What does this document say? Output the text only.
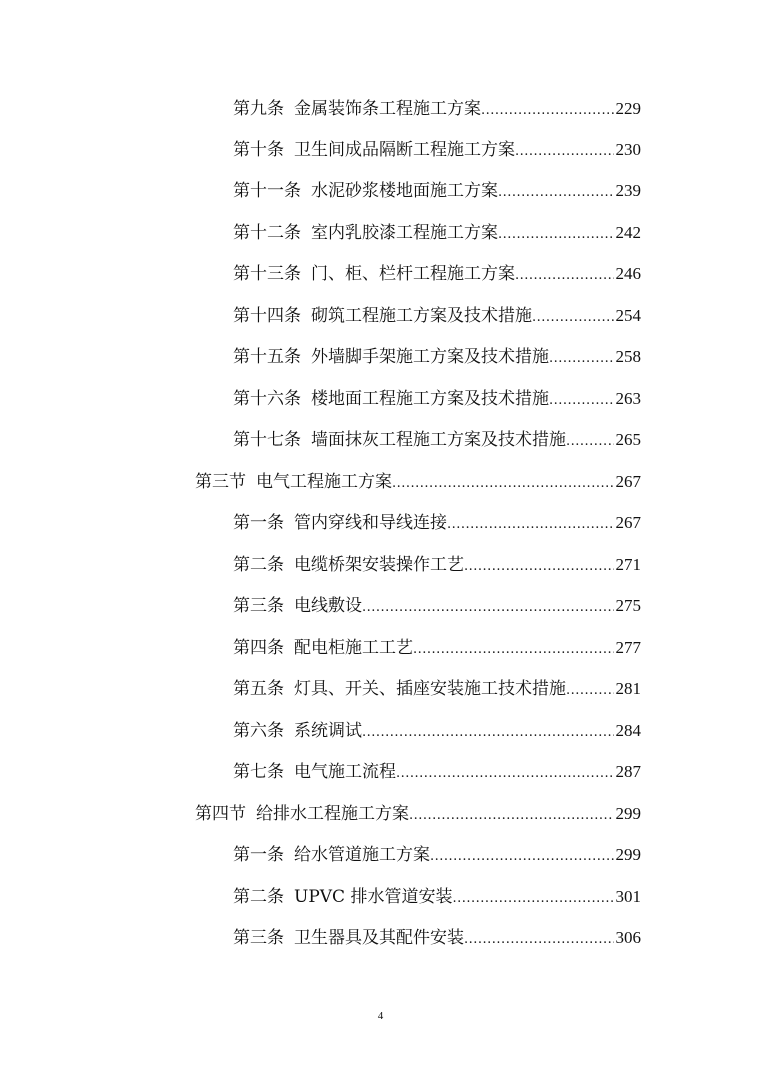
第九条 金属装饰条工程施工方案 .....	229
第十条 卫生间成品隔断工程施工方案 .....	230
第十一条 水泥砂浆楼地面施工方案 .....	239
第十二条 室内乳胶漆工程施工方案 .....	242
第十三条 门、柜、栏杆工程施工方案 .....	246
第十四条 砌筑工程施工方案及技术措施 .....	254
第十五条 外墙脚手架施工方案及技术措施 .....	258
第十六条 楼地面工程施工方案及技术措施 .....	263
第十七条 墙面抹灰工程施工方案及技术措施 .....	265
第三节 电气工程施工方案 .....	267
第一条 管内穿线和导线连接 .....	267
第二条 电缆桥架安装操作工艺 .....	271
第三条 电线敷设 .....	275
第四条 配电柜施工工艺 .....	277
第五条 灯具、开关、插座安装施工技术措施 .....	281
第六条 系统调试 .....	284
第七条 电气施工流程 .....	287
第四节 给排水工程施工方案 .....	299
第一条 给水管道施工方案 .....	299
第二条 UPVC 排水管道安装 .....	301
第三条 卫生器具及其配件安装 .....	306
4
